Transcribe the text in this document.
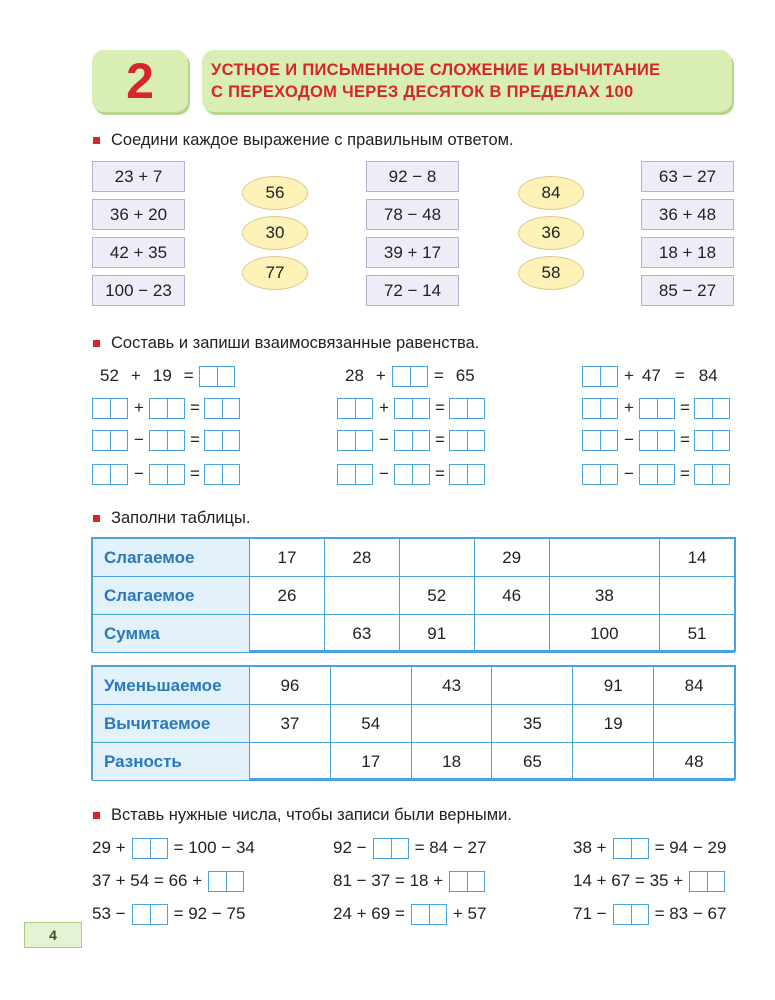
2	УСТНОЕ И ПИСЬМЕННОЕ СЛОЖЕНИЕ И ВЫЧИТАНИЕ
С ПЕРЕХОДОМ ЧЕРЕЗ ДЕСЯТОК В ПРЕДЕЛАХ 100
Соедини каждое выражение с правильным ответом.
23 + 7
36 + 20
42 + 35
100 − 23
56
30
77
92 − 8
78 − 48
39 + 17
72 − 14
84
36
58
63 − 27
36 + 48
18 + 18
85 − 27
Составь и запиши взаимосвязанные равенства.
52 + 19 =
+	=
−	=
−	=
28 +	= 65
+	=
−	=
−	=
+ 47 = 84
+	=
−	=
−	=
Заполни таблицы.
Слагаемое	17	28		29		14
Слагаемое	26		52	46	38	
Сумма		63	91		100	51
Уменьшаемое	96		43		91	84
Вычитаемое	37	54		35	19	
Разность		17	18	65		48
Вставь нужные числа, чтобы записи были верными.
29 +	= 100 − 34	92 −	= 84 − 27	38 +	= 94 − 29
37 + 54 = 66 +	81 − 37 = 18 +	14 + 67 = 35 +
53 −	= 92 − 75	24 + 69 =	+ 57	71 −	= 83 − 67
4
